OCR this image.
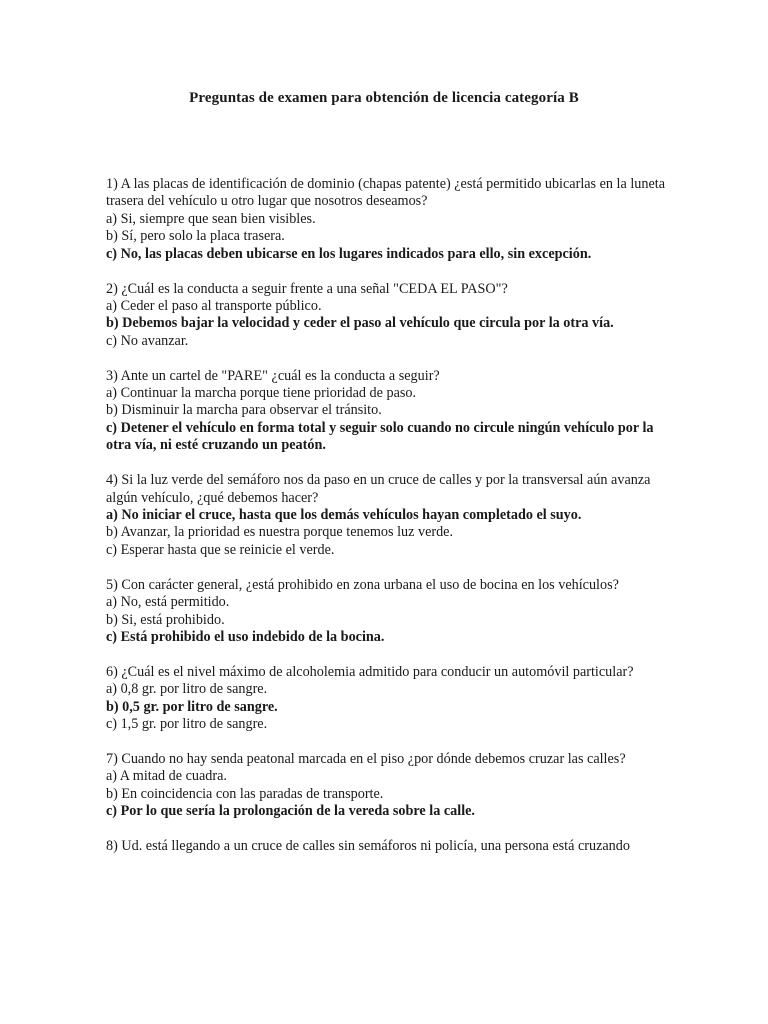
Preguntas de examen para obtención de licencia categoría B
1) A las placas de identificación de dominio (chapas patente) ¿está permitido ubicarlas en la luneta trasera del vehículo u otro lugar que nosotros deseamos?
a) Si, siempre que sean bien visibles.
b) Sí, pero solo la placa trasera.
c) No, las placas deben ubicarse en los lugares indicados para ello, sin excepción.
2) ¿Cuál es la conducta a seguir frente a una señal "CEDA EL PASO"?
a) Ceder el paso al transporte público.
b) Debemos bajar la velocidad y ceder el paso al vehículo que circula por la otra vía.
c) No avanzar.
3) Ante un cartel de "PARE" ¿cuál es la conducta a seguir?
a) Continuar la marcha porque tiene prioridad de paso.
b) Disminuir la marcha para observar el tránsito.
c) Detener el vehículo en forma total y seguir solo cuando no circule ningún vehículo por la otra vía, ni esté cruzando un peatón.
4) Si la luz verde del semáforo nos da paso en un cruce de calles y por la transversal aún avanza algún vehículo, ¿qué debemos hacer?
a) No iniciar el cruce, hasta que los demás vehículos hayan completado el suyo.
b) Avanzar, la prioridad es nuestra porque tenemos luz verde.
c) Esperar hasta que se reinicie el verde.
5) Con carácter general, ¿está prohibido en zona urbana el uso de bocina en los vehículos?
a) No, está permitido.
b) Si, está prohibido.
c) Está prohibido el uso indebido de la bocina.
6) ¿Cuál es el nivel máximo de alcoholemia admitido para conducir un automóvil particular?
a) 0,8 gr. por litro de sangre.
b) 0,5 gr. por litro de sangre.
c) 1,5 gr. por litro de sangre.
7) Cuando no hay senda peatonal marcada en el piso ¿por dónde debemos cruzar las calles?
a) A mitad de cuadra.
b) En coincidencia con las paradas de transporte.
c) Por lo que sería la prolongación de la vereda sobre la calle.
8) Ud. está llegando a un cruce de calles sin semáforos ni policía, una persona está cruzando
